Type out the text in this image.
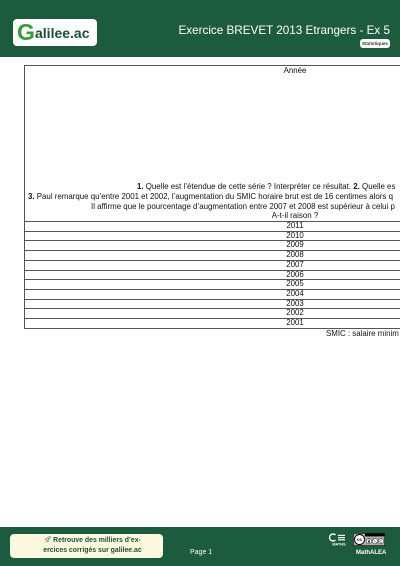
G alilee.ac	Exercice BREVET 2013 Etrangers - Ex 5
Statistiques
Année
1. Quelle est l’étendue de cette série ? Interpréter ce résultat. 2. Quelle es
3. Paul remarque qu’entre 2001 et 2002, l’augmentation du SMIC horaire brut est de 16 centimes alors q
Il affirme que le pourcentage d’augmentation entre 2007 et 2008 est supérieur à celui p
A-t-il raison ?
2011
2010
2009
2008
2007
2006
2005
2004
2003
2002
2001
SMIC : salaire minim
Retrouve des milliers d’ex-
ercices corrigés sur galilee.ac	Page 1
MATHS
cc
MathALEA
